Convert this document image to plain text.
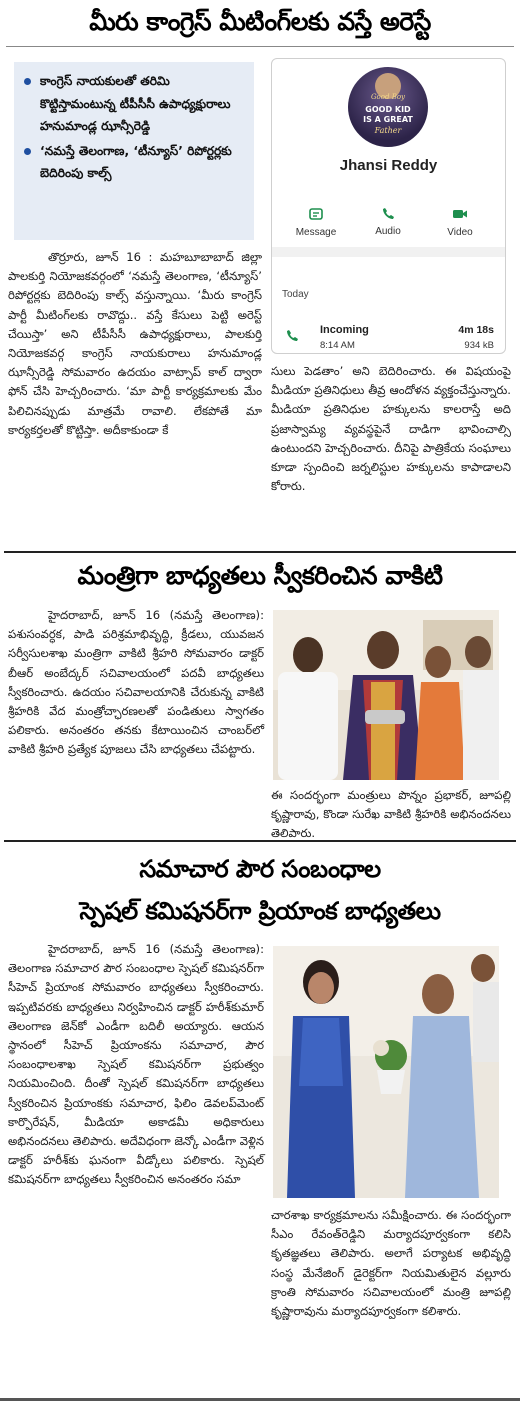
మీరు కాంగ్రెస్ మీటింగ్‌లకు వస్తే అరెస్టే
కాంగ్రెస్ నాయకులతో తరిమి కొట్టిస్తామంటున్న టీపీసీసీ ఉపాధ్యక్షురాలు హనుమాండ్ల ఝాన్సీరెడ్డి
‘నమస్తే తెలంగాణ, ‘టీన్యూస్’ రిపోర్టర్లకు బెదిరింపు కాల్స్
తొర్రూరు, జూన్ 16 : మహబూబాబాద్ జిల్లా పాలకుర్తి నియోజకవర్గంలో ‘నమస్తే తెలంగాణ, ‘టీన్యూస్’ రిపోర్టర్లకు బెదిరింపు కాల్స్ వస్తున్నాయి. ‘మీరు కాంగ్రెస్ పార్టీ మీటింగ్‌లకు రావొద్దు.. వస్తే కేసులు పెట్టి అరెస్ట్ చేయిస్తా’ అని టీపీసీసీ ఉపాధ్యక్షురాలు, పాలకుర్తి నియోజకవర్గ కాంగ్రెస్ నాయకురాలు హనుమాండ్ల ఝాన్సీరెడ్డి సోమవారం ఉదయం వాట్సాప్ కాల్ ద్వారా ఫోన్ చేసి హెచ్చరించారు. ‘మా పార్టీ కార్యక్రమాలకు మేం పిలిచినప్పుడు మాత్రమే రావాలి. లేకపోతే మా కార్యకర్తలతో కొట్టిస్తా. అదీకాకుండా కే
Good Boy
GOOD KID
IS A GREAT
Father
Jhansi Reddy
Message	Audio	Video
Today
Incoming
8:14 AM
4m 18s
934 kB
సులు పెడతాం’ అని బెదిరించారు. ఈ విషయంపై మీడియా ప్రతినిధులు తీవ్ర ఆందోళన వ్యక్తంచేస్తున్నారు. మీడియా ప్రతినిధుల హక్కులను కాలరాస్తే అది ప్రజాస్వామ్య వ్యవస్థపైనే దాడిగా భావించాల్సి ఉంటుందని హెచ్చరించారు. దీనిపై పాత్రికేయ సంఘాలు కూడా స్పందించి జర్నలిస్టుల హక్కులను కాపాడాలని కోరారు.
మంత్రిగా బాధ్యతలు స్వీకరించిన వాకిటి
హైదరాబాద్, జూన్ 16 (నమస్తే తెలంగాణ): పశుసంవర్ధక, పాడి పరిశ్రమాభివృద్ధి, క్రీడలు, యువజన సర్వీసులశాఖ మంత్రిగా వాకిటి శ్రీహరి సోమవారం డాక్టర్ బీఆర్ అంబేద్కర్ సచివాలయంలో పదవీ బాధ్యతలు స్వీకరించారు. ఉదయం సచివాలయానికి చేరుకున్న వాకిటి శ్రీహరికి వేద మంత్రోచ్ఛారణలతో పండితులు స్వాగతం పలికారు. అనంతరం తనకు కేటాయించిన చాంబర్‌లో వాకిటి శ్రీహరి ప్రత్యేక పూజలు చేసి బాధ్యతలు చేపట్టారు.
ఈ సందర్భంగా మంత్రులు పొన్నం ప్రభాకర్, జూపల్లి కృష్ణారావు, కొండా సురేఖ వాకిటి శ్రీహరికి అభినందనలు తెలిపారు.
సమాచార పౌర సంబంధాల
స్పెషల్ కమిషనర్‌గా ప్రియాంక బాధ్యతలు
హైదరాబాద్, జూన్ 16 (నమస్తే తెలంగాణ): తెలంగాణ సమాచార పౌర సంబంధాల స్పెషల్ కమిషనర్‌గా సీహెచ్ ప్రియాంక సోమవారం బాధ్యతలు స్వీకరించారు. ఇప్పటివరకు బాధ్యతలు నిర్వహించిన డాక్టర్ హరీశ్‌కుమార్ తెలంగాణ జెన్‌కో ఎండీగా బదిలీ అయ్యారు. ఆయన స్థానంలో సీహెచ్ ప్రియాంకను సమాచార, పౌర సంబంధాలశాఖ స్పెషల్ కమిషనర్‌గా ప్రభుత్వం నియమించింది. దీంతో స్పెషల్ కమిషనర్‌గా బాధ్యతలు స్వీకరించిన ప్రియాంకకు సమాచార, ఫిలిం డెవలప్‌మెంట్ కార్పొరేషన్, మీడియా అకాడమీ అధికారులు అభినందనలు తెలిపారు. అదేవిధంగా జెన్కో ఎండీగా వెళ్లిన డాక్టర్ హరీశ్‌కు ఘనంగా వీడ్కోలు పలికారు. స్పెషల్ కమిషనర్‌గా బాధ్యతలు స్వీకరించిన అనంతరం సమా
చారశాఖ కార్యక్రమాలను సమీక్షించారు. ఈ సందర్భంగా సీఎం రేవంత్‌రెడ్డిని మర్యాదపూర్వకంగా కలిసి కృతజ్ఞతలు తెలిపారు. అలాగే పర్యాటక అభివృద్ధి సంస్థ మేనేజింగ్ డైరెక్టర్‌గా నియమితులైన వల్లూరు క్రాంతి సోమవారం సచివాలయంలో మంత్రి జూపల్లి కృష్ణారావును మర్యాదపూర్వకంగా కలిశారు.
